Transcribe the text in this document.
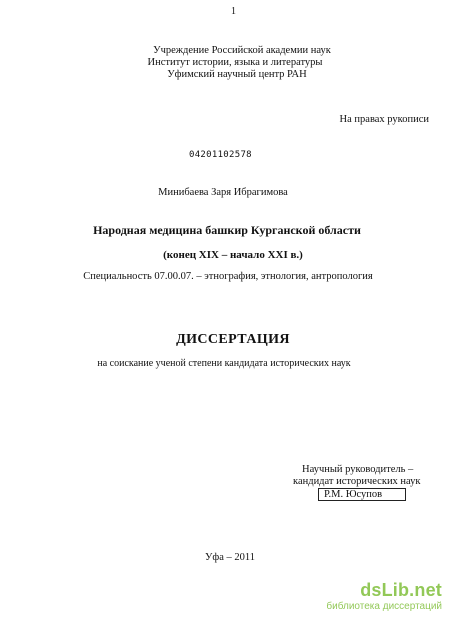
1
Учреждение Российской академии наук
Институт истории, языка и литературы
Уфимский научный центр РАН
На правах рукописи
04201102578
Минибаева Заря Ибрагимова
Народная медицина башкир Курганской области
(конец XIX – начало XXI в.)
Специальность 07.00.07. – этнография, этнология, антропология
ДИССЕРТАЦИЯ
на соискание ученой степени кандидата исторических наук
Научный руководитель –
кандидат исторических наук
Р.М. Юсупов
Уфа – 2011
dsLib.net
библиотека диссертаций
